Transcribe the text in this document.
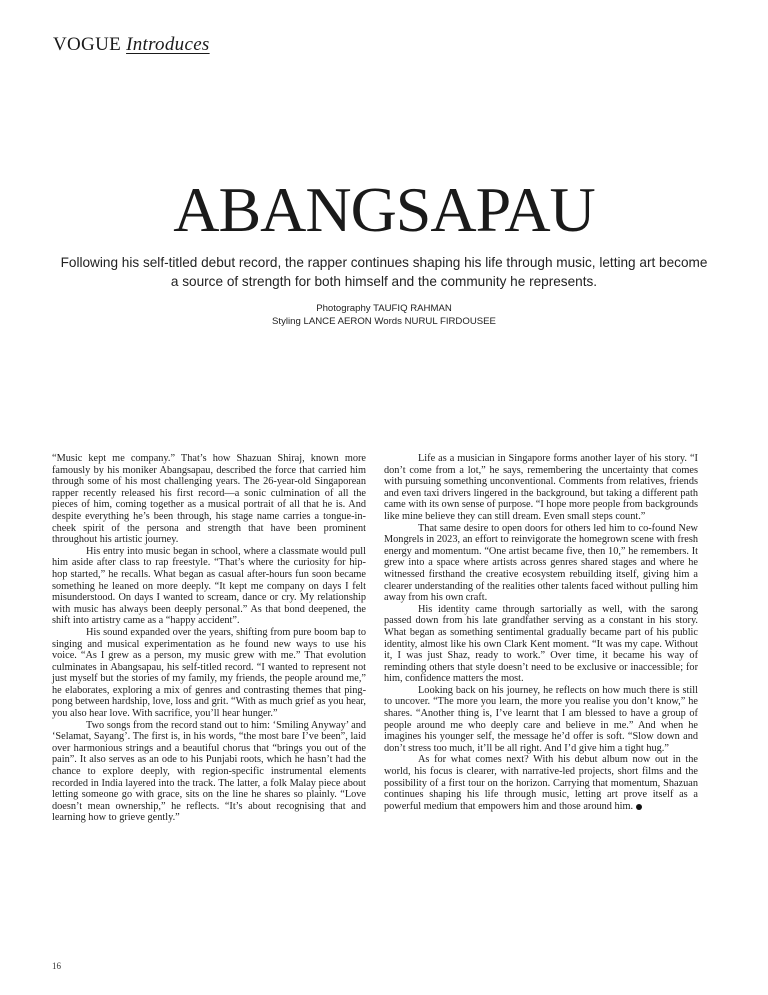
VOGUE Introduces
ABANGSAPAU
Following his self-titled debut record, the rapper continues shaping his life through music, letting art become a source of strength for both himself and the community he represents.
Photography TAUFIQ RAHMAN
Styling LANCE AERON Words NURUL FIRDOUSEE

“Music kept me company.” That’s how Shazuan Shiraj, known more famously by his moniker Abangsapau, described the force that carried him through some of his most challenging years. The 26-year-old Singaporean rapper recently released his first record—a sonic culmination of all the pieces of him, coming together as a musical portrait of all that he is. And despite everything he’s been through, his stage name carries a tongue-in-cheek spirit of the persona and strength that have been prominent throughout his artistic journey.

His entry into music began in school, where a classmate would pull him aside after class to rap freestyle. “That’s where the curiosity for hip-hop started,” he recalls. What began as casual after-hours fun soon became something he leaned on more deeply. “It kept me company on days I felt misunderstood. On days I wanted to scream, dance or cry. My relationship with music has always been deeply personal.” As that bond deepened, the shift into artistry came as a “happy accident”.

His sound expanded over the years, shifting from pure boom bap to singing and musical experimentation as he found new ways to use his voice. “As I grew as a person, my music grew with me.” That evolution culminates in Abangsapau, his self-titled record. “I wanted to represent not just myself but the stories of my family, my friends, the people around me,” he elaborates, exploring a mix of genres and contrasting themes that ping-pong between hardship, love, loss and grit. “With as much grief as you hear, you also hear love. With sacrifice, you’ll hear hunger.”

Two songs from the record stand out to him: ‘Smiling Anyway’ and ‘Selamat, Sayang’. The first is, in his words, “the most bare I’ve been”, laid over harmonious strings and a beautiful chorus that “brings you out of the pain”. It also serves as an ode to his Punjabi roots, which he hasn’t had the chance to explore deeply, with region-specific instrumental elements recorded in India layered into the track. The latter, a folk Malay piece about letting someone go with grace, sits on the line he shares so plainly. “Love doesn’t mean ownership,” he reflects. “It’s about recognising that and learning how to grieve gently.”

Life as a musician in Singapore forms another layer of his story. “I don’t come from a lot,” he says, remembering the uncertainty that comes with pursuing something unconventional. Comments from relatives, friends and even taxi drivers lingered in the background, but taking a different path came with its own sense of purpose. “I hope more people from backgrounds like mine believe they can still dream. Even small steps count.”

That same desire to open doors for others led him to co-found New Mongrels in 2023, an effort to reinvigorate the homegrown scene with fresh energy and momentum. “One artist became five, then 10,” he remembers. It grew into a space where artists across genres shared stages and where he witnessed firsthand the creative ecosystem rebuilding itself, giving him a clearer understanding of the realities other talents faced without pulling him away from his own craft.

His identity came through sartorially as well, with the sarong passed down from his late grandfather serving as a constant in his story. What began as something sentimental gradually became part of his public identity, almost like his own Clark Kent moment. “It was my cape. Without it, I was just Shaz, ready to work.” Over time, it became his way of reminding others that style doesn’t need to be exclusive or inaccessible; for him, confidence matters the most.

Looking back on his journey, he reflects on how much there is still to uncover. “The more you learn, the more you realise you don’t know,” he shares. “Another thing is, I’ve learnt that I am blessed to have a group of people around me who deeply care and believe in me.” And when he imagines his younger self, the message he’d offer is soft. “Slow down and don’t stress too much, it’ll be all right. And I’d give him a tight hug.”

As for what comes next? With his debut album now out in the world, his focus is clearer, with narrative-led projects, short films and the possibility of a first tour on the horizon. Carrying that momentum, Shazuan continues shaping his life through music, letting art prove itself as a powerful medium that empowers him and those around him.

16
